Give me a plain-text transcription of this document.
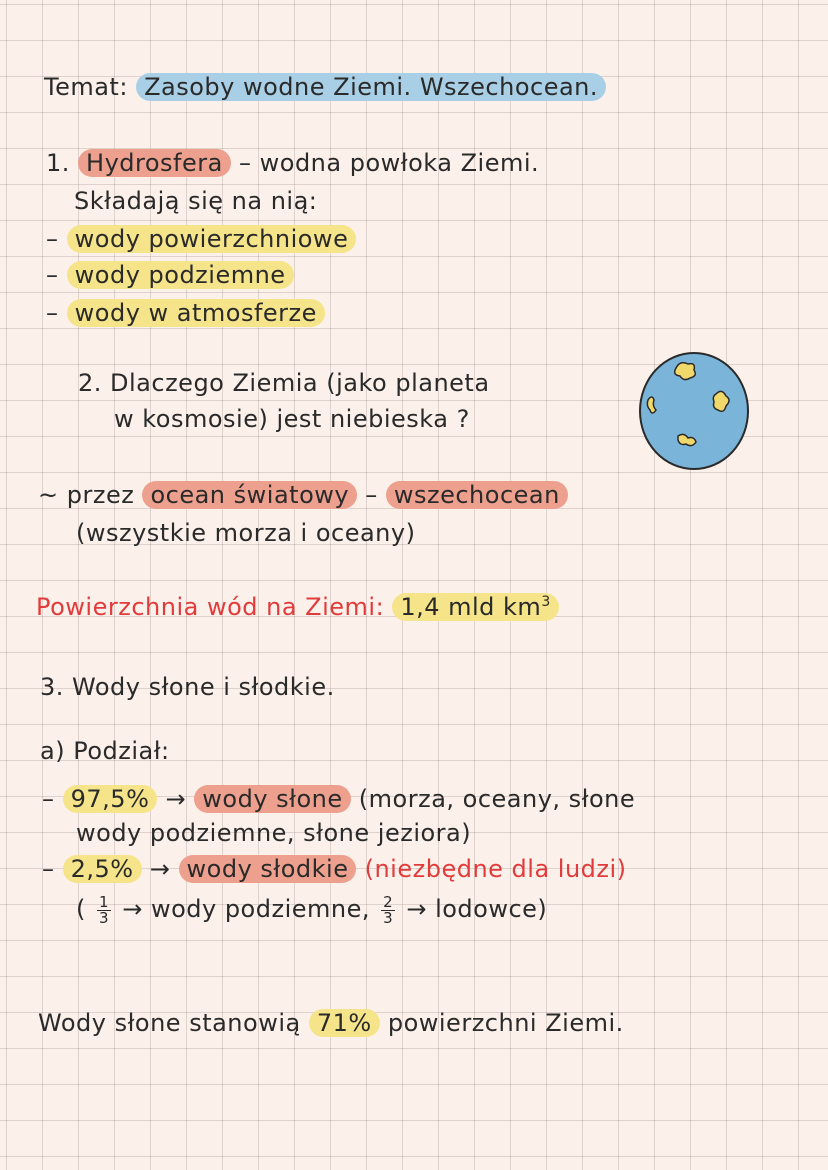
Temat: Zasoby wodne Ziemi. Wszechocean.
1. Hydrosfera – wodna powłoka Ziemi.
Składają się na nią:
– wody powierzchniowe
– wody podziemne
– wody w atmosferze
2. Dlaczego Ziemia (jako planeta
w kosmosie) jest niebieska ?
~ przez ocean światowy – wszechocean
(wszystkie morza i oceany)
Powierzchnia wód na Ziemi: 1,4 mld $km^3$
3. Wody słone i słodkie.
a) Podział:
– 97,5% → wody słone (morza, oceany, słone
wody podziemne, słone jeziora)
– 2,5% → wody słodkie (niezbędne dla ludzi)
( $\frac{1}{3}$ → wody podziemne, $\frac{2}{3}$ → lodowce)
Wody słone stanowią 71% powierzchni Ziemi.
